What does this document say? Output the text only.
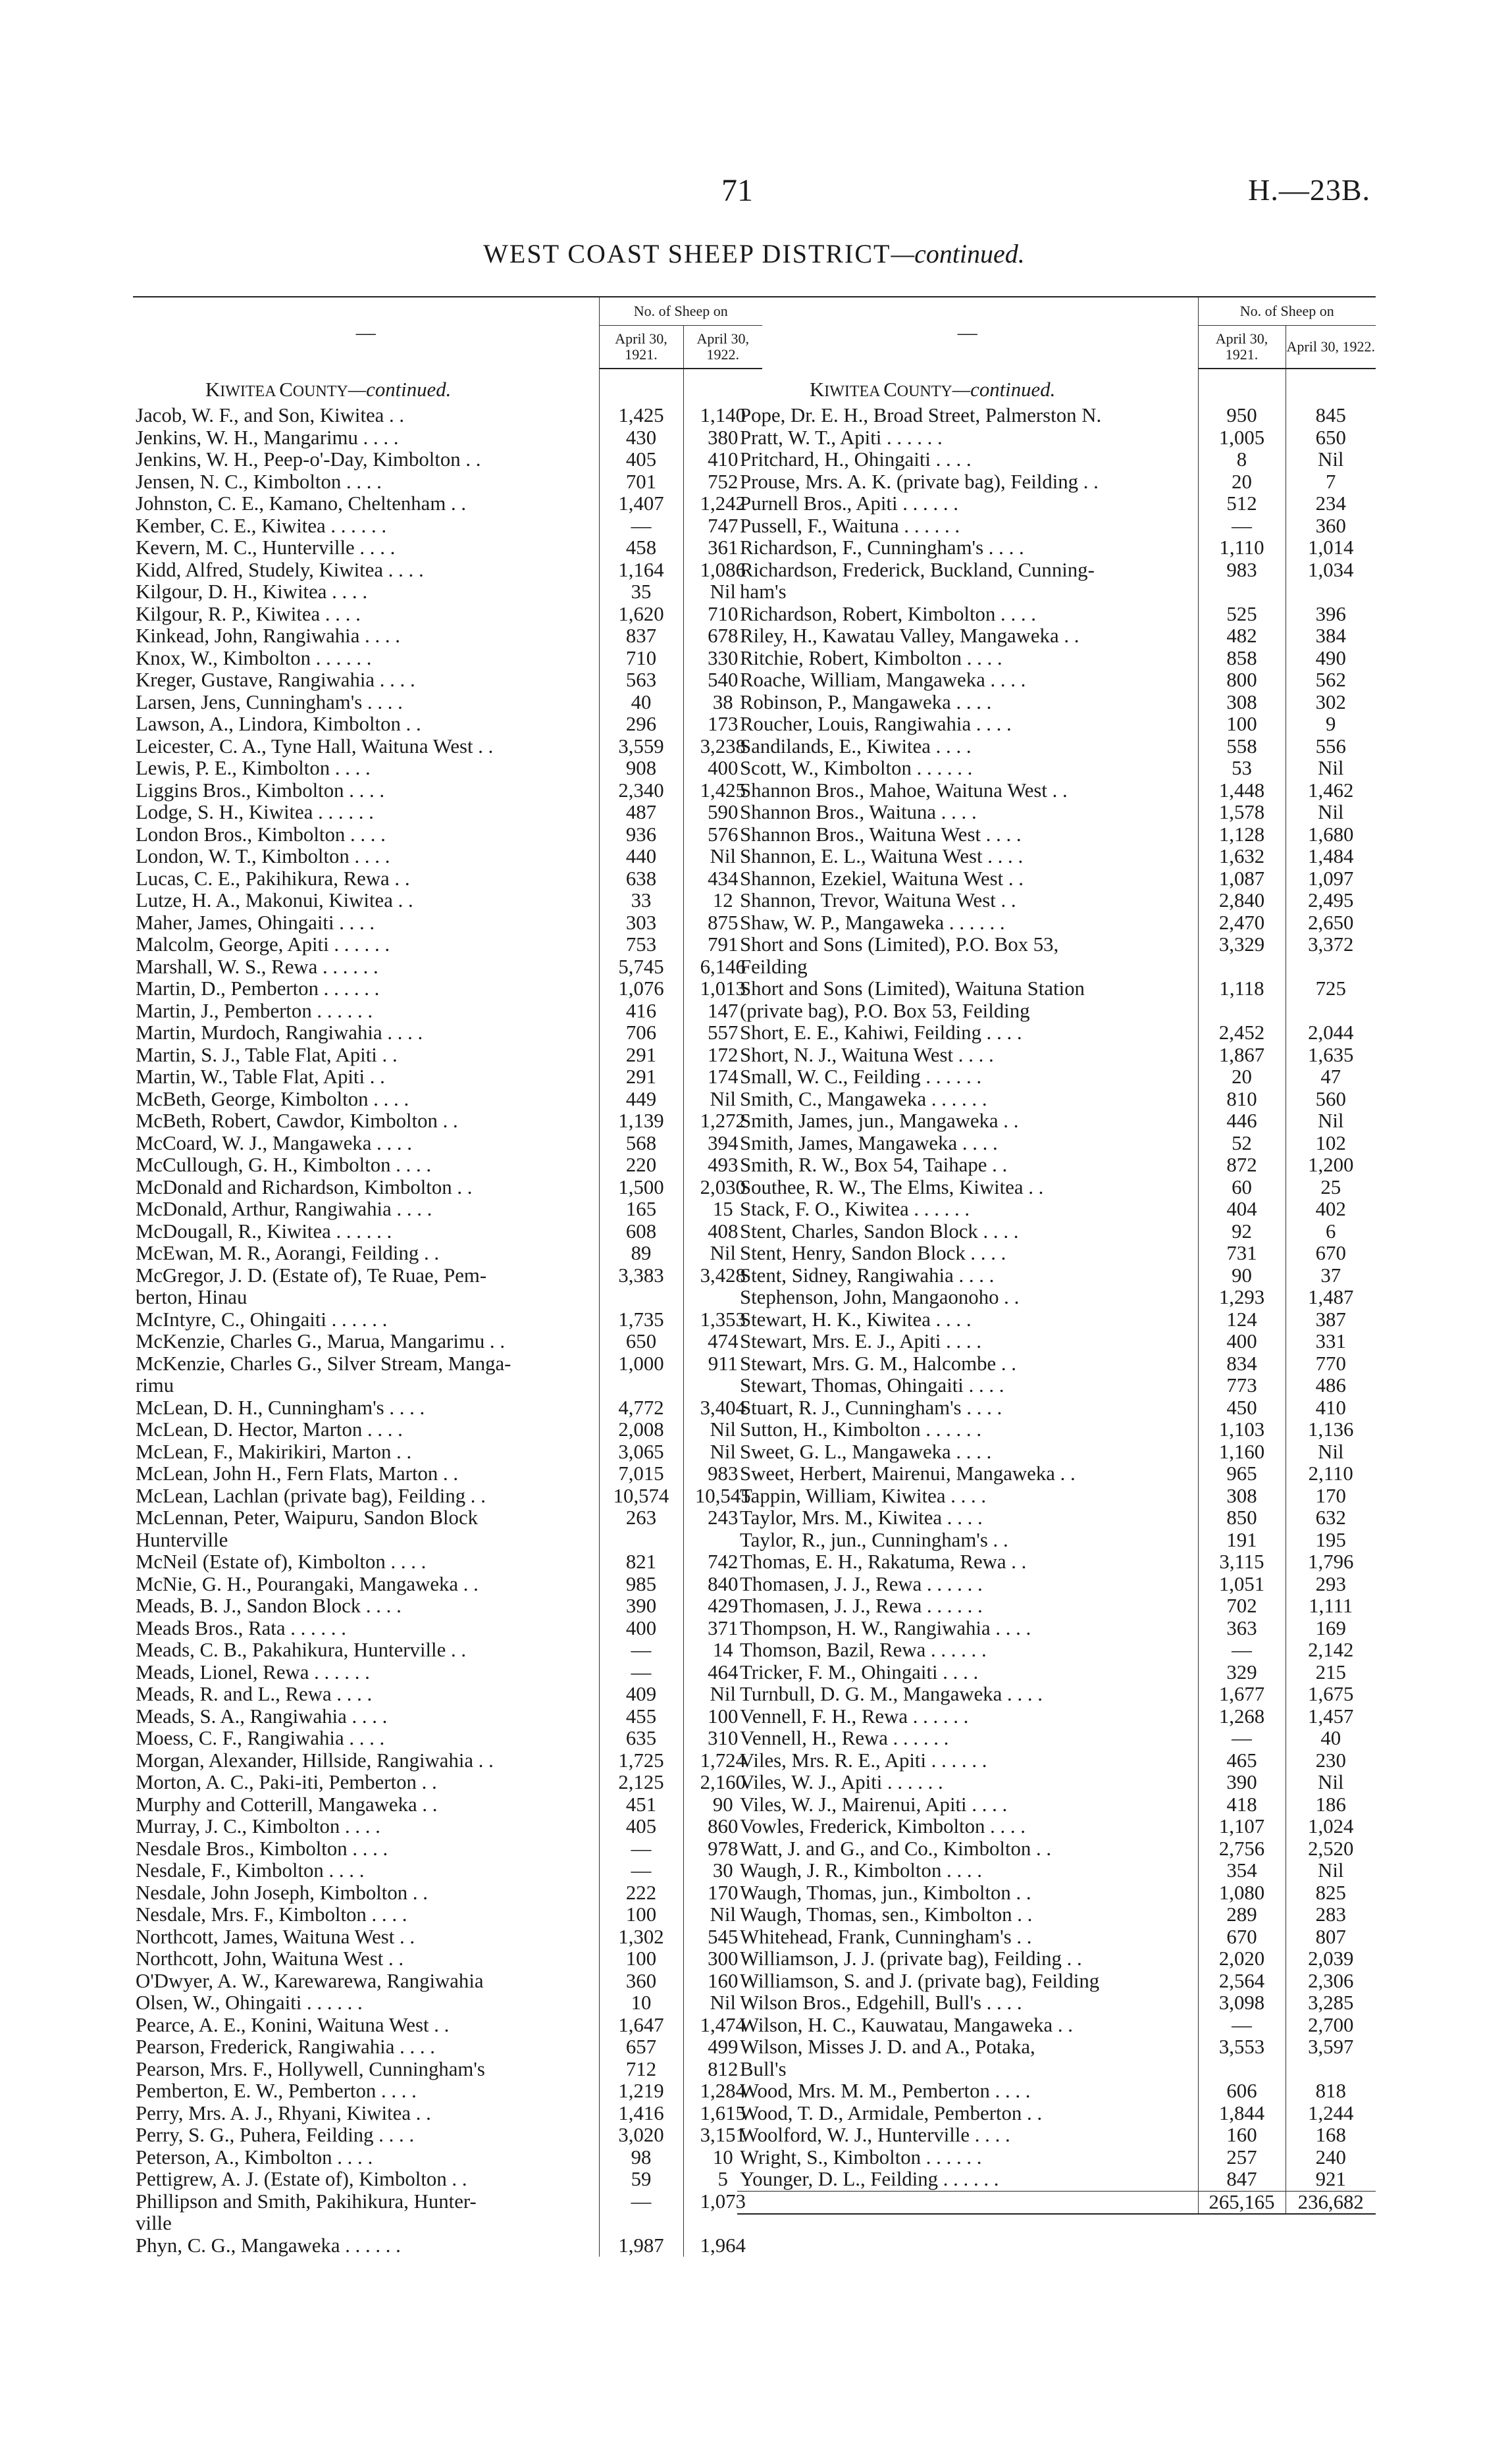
71	H.—23B.
WEST COAST SHEEP DISTRICT—continued.
—	No. of Sheep on	
	April 30, 1921.	April 30, 1922.
KIWITEA COUNTY—continued.		
Jacob, W. F., and Son, Kiwitea . .	1,425	1,140
Jenkins, W. H., Mangarimu . . . .	430	380
Jenkins, W. H., Peep-o'-Day, Kimbolton . .	405	410
Jensen, N. C., Kimbolton . . . .	701	752
Johnston, C. E., Kamano, Cheltenham . .	1,407	1,242
Kember, C. E., Kiwitea . . . . . .	—	747
Kevern, M. C., Hunterville . . . .	458	361
Kidd, Alfred, Studely, Kiwitea . . . .	1,164	1,086
Kilgour, D. H., Kiwitea . . . .	35	Nil
Kilgour, R. P., Kiwitea . . . .	1,620	710
Kinkead, John, Rangiwahia . . . .	837	678
Knox, W., Kimbolton . . . . . .	710	330
Kreger, Gustave, Rangiwahia . . . .	563	540
Larsen, Jens, Cunningham's . . . .	40	38
Lawson, A., Lindora, Kimbolton . .	296	173
Leicester, C. A., Tyne Hall, Waituna West . .	3,559	3,238
Lewis, P. E., Kimbolton . . . .	908	400
Liggins Bros., Kimbolton . . . .	2,340	1,425
Lodge, S. H., Kiwitea . . . . . .	487	590
London Bros., Kimbolton . . . .	936	576
London, W. T., Kimbolton . . . .	440	Nil
Lucas, C. E., Pakihikura, Rewa . .	638	434
Lutze, H. A., Makonui, Kiwitea . .	33	12
Maher, James, Ohingaiti . . . .	303	875
Malcolm, George, Apiti . . . . . .	753	791
Marshall, W. S., Rewa . . . . . .	5,745	6,146
Martin, D., Pemberton . . . . . .	1,076	1,013
Martin, J., Pemberton . . . . . .	416	147
Martin, Murdoch, Rangiwahia . . . .	706	557
Martin, S. J., Table Flat, Apiti . .	291	172
Martin, W., Table Flat, Apiti . .	291	174
McBeth, George, Kimbolton . . . .	449	Nil
McBeth, Robert, Cawdor, Kimbolton . .	1,139	1,272
McCoard, W. J., Mangaweka . . . .	568	394
McCullough, G. H., Kimbolton . . . .	220	493
McDonald and Richardson, Kimbolton . .	1,500	2,030
McDonald, Arthur, Rangiwahia . . . .	165	15
McDougall, R., Kiwitea . . . . . .	608	408
McEwan, M. R., Aorangi, Feilding . .	89	Nil
McGregor, J. D. (Estate of), Te Ruae, Pem-	3,383	3,428
berton, Hinau		
McIntyre, C., Ohingaiti . . . . . .	1,735	1,353
McKenzie, Charles G., Marua, Mangarimu . .	650	474
McKenzie, Charles G., Silver Stream, Manga-	1,000	911
rimu		
McLean, D. H., Cunningham's . . . .	4,772	3,404
McLean, D. Hector, Marton . . . .	2,008	Nil
McLean, F., Makirikiri, Marton . .	3,065	Nil
McLean, John H., Fern Flats, Marton . .	7,015	983
McLean, Lachlan (private bag), Feilding . .	10,574	10,545
McLennan, Peter, Waipuru, Sandon Block	263	243
Hunterville		
McNeil (Estate of), Kimbolton . . . .	821	742
McNie, G. H., Pourangaki, Mangaweka . .	985	840
Meads, B. J., Sandon Block . . . .	390	429
Meads Bros., Rata . . . . . .	400	371
Meads, C. B., Pakahikura, Hunterville . .	—	14
Meads, Lionel, Rewa . . . . . .	—	464
Meads, R. and L., Rewa . . . .	409	Nil
Meads, S. A., Rangiwahia . . . .	455	100
Moess, C. F., Rangiwahia . . . .	635	310
Morgan, Alexander, Hillside, Rangiwahia . .	1,725	1,724
Morton, A. C., Paki-iti, Pemberton . .	2,125	2,160
Murphy and Cotterill, Mangaweka . .	451	90
Murray, J. C., Kimbolton . . . .	405	860
Nesdale Bros., Kimbolton . . . .	—	978
Nesdale, F., Kimbolton . . . .	—	30
Nesdale, John Joseph, Kimbolton . .	222	170
Nesdale, Mrs. F., Kimbolton . . . .	100	Nil
Northcott, James, Waituna West . .	1,302	545
Northcott, John, Waituna West . .	100	300
O'Dwyer, A. W., Karewarewa, Rangiwahia	360	160
Olsen, W., Ohingaiti . . . . . .	10	Nil
Pearce, A. E., Konini, Waituna West . .	1,647	1,474
Pearson, Frederick, Rangiwahia . . . .	657	499
Pearson, Mrs. F., Hollywell, Cunningham's	712	812
Pemberton, E. W., Pemberton . . . .	1,219	1,284
Perry, Mrs. A. J., Rhyani, Kiwitea . .	1,416	1,615
Perry, S. G., Puhera, Feilding . . . .	3,020	3,151
Peterson, A., Kimbolton . . . .	98	10
Pettigrew, A. J. (Estate of), Kimbolton . .	59	5
Phillipson and Smith, Pakihikura, Hunter-	—	1,073
ville		
Phyn, C. G., Mangaweka . . . . . .	1,987	1,964
—	No. of Sheep on	
	April 30, 1921.	April 30, 1922.
KIWITEA COUNTY—continued.		
Pope, Dr. E. H., Broad Street, Palmerston N.	950	845
Pratt, W. T., Apiti . . . . . .	1,005	650
Pritchard, H., Ohingaiti . . . .	8	Nil
Prouse, Mrs. A. K. (private bag), Feilding . .	20	7
Purnell Bros., Apiti . . . . . .	512	234
Pussell, F., Waituna . . . . . .	—	360
Richardson, F., Cunningham's . . . .	1,110	1,014
Richardson, Frederick, Buckland, Cunning-	983	1,034
ham's		
Richardson, Robert, Kimbolton . . . .	525	396
Riley, H., Kawatau Valley, Mangaweka . .	482	384
Ritchie, Robert, Kimbolton . . . .	858	490
Roache, William, Mangaweka . . . .	800	562
Robinson, P., Mangaweka . . . .	308	302
Roucher, Louis, Rangiwahia . . . .	100	9
Sandilands, E., Kiwitea . . . .	558	556
Scott, W., Kimbolton . . . . . .	53	Nil
Shannon Bros., Mahoe, Waituna West . .	1,448	1,462
Shannon Bros., Waituna . . . .	1,578	Nil
Shannon Bros., Waituna West . . . .	1,128	1,680
Shannon, E. L., Waituna West . . . .	1,632	1,484
Shannon, Ezekiel, Waituna West . .	1,087	1,097
Shannon, Trevor, Waituna West . .	2,840	2,495
Shaw, W. P., Mangaweka . . . . . .	2,470	2,650
Short and Sons (Limited), P.O. Box 53,	3,329	3,372
Feilding		
Short and Sons (Limited), Waituna Station	1,118	725
(private bag), P.O. Box 53, Feilding		
Short, E. E., Kahiwi, Feilding . . . .	2,452	2,044
Short, N. J., Waituna West . . . .	1,867	1,635
Small, W. C., Feilding . . . . . .	20	47
Smith, C., Mangaweka . . . . . .	810	560
Smith, James, jun., Mangaweka . .	446	Nil
Smith, James, Mangaweka . . . .	52	102
Smith, R. W., Box 54, Taihape . .	872	1,200
Southee, R. W., The Elms, Kiwitea . .	60	25
Stack, F. O., Kiwitea . . . . . .	404	402
Stent, Charles, Sandon Block . . . .	92	6
Stent, Henry, Sandon Block . . . .	731	670
Stent, Sidney, Rangiwahia . . . .	90	37
Stephenson, John, Mangaonoho . .	1,293	1,487
Stewart, H. K., Kiwitea . . . .	124	387
Stewart, Mrs. E. J., Apiti . . . .	400	331
Stewart, Mrs. G. M., Halcombe . .	834	770
Stewart, Thomas, Ohingaiti . . . .	773	486
Stuart, R. J., Cunningham's . . . .	450	410
Sutton, H., Kimbolton . . . . . .	1,103	1,136
Sweet, G. L., Mangaweka . . . .	1,160	Nil
Sweet, Herbert, Mairenui, Mangaweka . .	965	2,110
Tappin, William, Kiwitea . . . .	308	170
Taylor, Mrs. M., Kiwitea . . . .	850	632
Taylor, R., jun., Cunningham's . .	191	195
Thomas, E. H., Rakatuma, Rewa . .	3,115	1,796
Thomasen, J. J., Rewa . . . . . .	1,051	293
Thomasen, J. J., Rewa . . . . . .	702	1,111
Thompson, H. W., Rangiwahia . . . .	363	169
Thomson, Bazil, Rewa . . . . . .	—	2,142
Tricker, F. M., Ohingaiti . . . .	329	215
Turnbull, D. G. M., Mangaweka . . . .	1,677	1,675
Vennell, F. H., Rewa . . . . . .	1,268	1,457
Vennell, H., Rewa . . . . . .	—	40
Viles, Mrs. R. E., Apiti . . . . . .	465	230
Viles, W. J., Apiti . . . . . .	390	Nil
Viles, W. J., Mairenui, Apiti . . . .	418	186
Vowles, Frederick, Kimbolton . . . .	1,107	1,024
Watt, J. and G., and Co., Kimbolton . .	2,756	2,520
Waugh, J. R., Kimbolton . . . .	354	Nil
Waugh, Thomas, jun., Kimbolton . .	1,080	825
Waugh, Thomas, sen., Kimbolton . .	289	283
Whitehead, Frank, Cunningham's . .	670	807
Williamson, J. J. (private bag), Feilding . .	2,020	2,039
Williamson, S. and J. (private bag), Feilding	2,564	2,306
Wilson Bros., Edgehill, Bull's . . . .	3,098	3,285
Wilson, H. C., Kauwatau, Mangaweka . .	—	2,700
Wilson, Misses J. D. and A., Potaka,	3,553	3,597
Bull's		
Wood, Mrs. M. M., Pemberton . . . .	606	818
Wood, T. D., Armidale, Pemberton . .	1,844	1,244
Woolford, W. J., Hunterville . . . .	160	168
Wright, S., Kimbolton . . . . . .	257	240
Younger, D. L., Feilding . . . . . .	847	921
	265,165	236,682
